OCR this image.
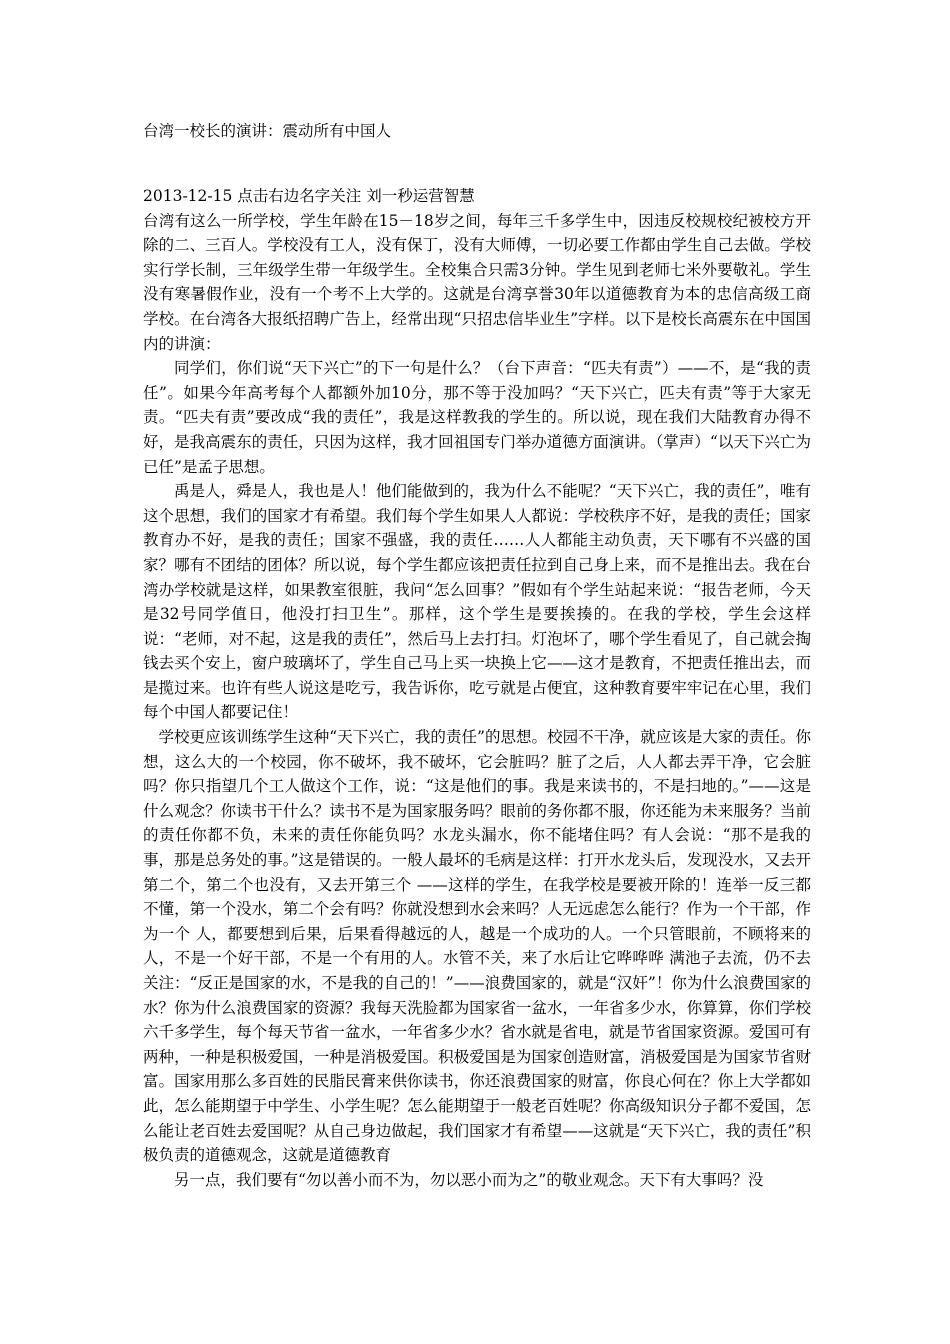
台湾一校长的演讲：震动所有中国人

2013-12-15 点击右边名字关注 刘一秒运营智慧

台湾有这么一所学校，学生年龄在15－18岁之间，每年三千多学生中，因违反校规校纪被校方开除的二、三百人。学校没有工人，没有保丁，没有大师傅，一切必要工作都由学生自己去做。学校实行学长制，三年级学生带一年级学生。全校集合只需3分钟。学生见到老师七米外要敬礼。学生没有寒暑假作业，没有一个考不上大学的。这就是台湾享誉30年以道德教育为本的忠信高级工商学校。在台湾各大报纸招聘广告上，经常出现“只招忠信毕业生”字样。以下是校长高震东在中国国内的讲演：

同学们，你们说“天下兴亡”的下一句是什么？（台下声音：“匹夫有责”）——不，是“我的责任”。如果今年高考每个人都额外加10分，那不等于没加吗？“天下兴亡，匹夫有责”等于大家无责。“匹夫有责”要改成“我的责任”，我是这样教我的学生的。所以说，现在我们大陆教育办得不好，是我高震东的责任，只因为这样，我才回祖国专门举办道德方面演讲。（掌声）“以天下兴亡为已任”是孟子思想。

禹是人，舜是人，我也是人！他们能做到的，我为什么不能呢？“天下兴亡，我的责任”，唯有这个思想，我们的国家才有希望。我们每个学生如果人人都说：学校秩序不好，是我的责任；国家教育办不好，是我的责任；国家不强盛，我的责任……人人都能主动负责，天下哪有不兴盛的国家？哪有不团结的团体？所以说，每个学生都应该把责任拉到自己身上来，而不是推出去。我在台湾办学校就是这样，如果教室很脏，我问“怎么回事？”假如有个学生站起来说：“报告老师，今天是32号同学值日，他没打扫卫生”。那样，这个学生是要挨揍的。在我的学校，学生会这样说：“老师，对不起，这是我的责任”，然后马上去打扫。灯泡坏了，哪个学生看见了，自己就会掏钱去买个安上，窗户玻璃坏了，学生自己马上买一块换上它——这才是教育，不把责任推出去，而是揽过来。也许有些人说这是吃亏，我告诉你，吃亏就是占便宜，这种教育要牢牢记在心里，我们每个中国人都要记住！

学校更应该训练学生这种“天下兴亡，我的责任”的思想。校园不干净，就应该是大家的责任。你想，这么大的一个校园，你不破坏，我不破坏，它会脏吗？脏了之后，人人都去弄干净，它会脏吗？你只指望几个工人做这个工作，说：“这是他们的事。我是来读书的，不是扫地的。”——这是什么观念？你读书干什么？读书不是为国家服务吗？眼前的务你都不服，你还能为未来服务？当前的责任你都不负，未来的责任你能负吗？水龙头漏水，你不能堵住吗？有人会说：“那不是我的事，那是总务处的事。”这是错误的。一般人最坏的毛病是这样：打开水龙头后，发现没水，又去开第二个，第二个也没有，又去开第三个 ——这样的学生，在我学校是要被开除的！连举一反三都不懂，第一个没水，第二个会有吗？你就没想到水会来吗？人无远虑怎么能行？作为一个干部，作为一个 人，都要想到后果，后果看得越远的人，越是一个成功的人。一个只管眼前，不顾将来的人，不是一个好干部，不是一个有用的人。水管不关，来了水后让它哗哗哗 满池子去流，仍不去关注：“反正是国家的水，不是我的自己的！”——浪费国家的，就是“汉奸”！你为什么浪费国家的水？你为什么浪费国家的资源？我每天洗脸都为国家省一盆水，一年省多少水，你算算，你们学校六千多学生，每个每天节省一盆水，一年省多少水？省水就是省电，就是节省国家资源。爱国可有两种，一种是积极爱国，一种是消极爱国。积极爱国是为国家创造财富，消极爱国是为国家节省财富。国家用那么多百姓的民脂民膏来供你读书，你还浪费国家的财富，你良心何在？你上大学都如此，怎么能期望于中学生、小学生呢？怎么能期望于一般老百姓呢？你高级知识分子都不爱国，怎么能让老百姓去爱国呢？从自己身边做起，我们国家才有希望——这就是“天下兴亡，我的责任”积极负责的道德观念，这就是道德教育

另一点，我们要有“勿以善小而不为，勿以恶小而为之”的敬业观念。天下有大事吗？没
